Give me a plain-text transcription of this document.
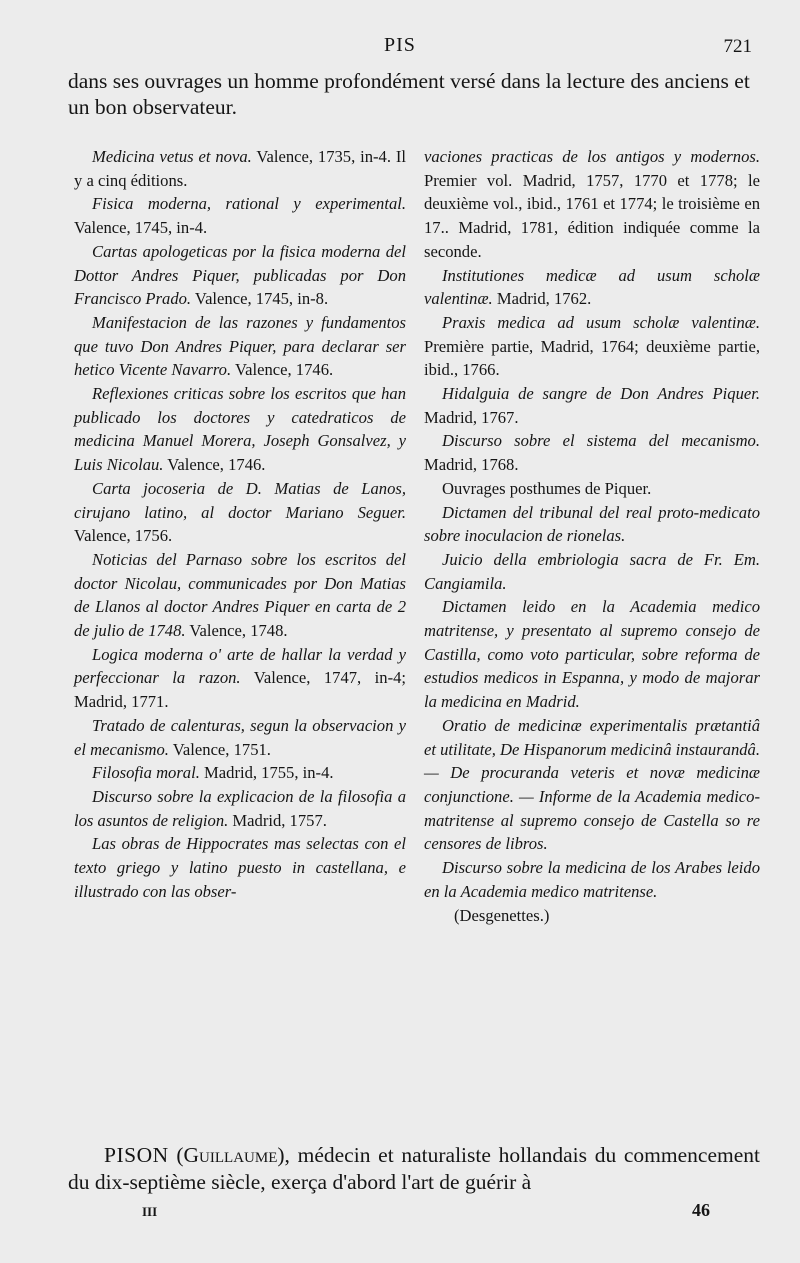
PIS	721

dans ses ouvrages un homme profondément versé dans la lecture des anciens et un bon observateur.

Medicina vetus et nova. Valence, 1735, in-4. Il y a cinq éditions.

Fisica moderna, rational y experimental. Valence, 1745, in-4.

Cartas apologeticas por la fisica moderna del Dottor Andres Piquer, publicadas por Don Francisco Prado. Valence, 1745, in-8.

Manifestacion de las razones y fundamentos que tuvo Don Andres Piquer, para declarar ser hetico Vicente Navarro. Valence, 1746.

Reflexiones criticas sobre los escritos que han publicado los doctores y catedraticos de medicina Manuel Morera, Joseph Gonsalvez, y Luis Nicolau. Valence, 1746.

Carta jocoseria de D. Matias de Lanos, cirujano latino, al doctor Mariano Seguer. Valence, 1756.

Noticias del Parnaso sobre los escritos del doctor Nicolau, communicades por Don Matias de Llanos al doctor Andres Piquer en carta de 2 de julio de 1748. Valence, 1748.

Logica moderna o' arte de hallar la verdad y perfeccionar la razon. Valence, 1747, in-4; Madrid, 1771.

Tratado de calenturas, segun la observacion y el mecanismo. Valence, 1751.

Filosofia moral. Madrid, 1755, in-4.

Discurso sobre la explicacion de la filosofia a los asuntos de religion. Madrid, 1757.

Las obras de Hippocrates mas selectas con el texto griego y latino puesto in castellana, e illustrado con las obser-

vaciones practicas de los antigos y modernos. Premier vol. Madrid, 1757, 1770 et 1778; le deuxième vol., ibid., 1761 et 1774; le troisième en 17.. Madrid, 1781, édition indiquée comme la seconde.

Institutiones medicæ ad usum scholæ valentinæ. Madrid, 1762.

Praxis medica ad usum scholæ valentinæ. Première partie, Madrid, 1764; deuxième partie, ibid., 1766.

Hidalguia de sangre de Don Andres Piquer. Madrid, 1767.

Discurso sobre el sistema del mecanismo. Madrid, 1768.

Ouvrages posthumes de Piquer.

Dictamen del tribunal del real proto-medicato sobre inoculacion de rionelas.

Juicio della embriologia sacra de Fr. Em. Cangiamila.

Dictamen leido en la Academia medico matritense, y presentato al supremo consejo de Castilla, como voto particular, sobre reforma de estudios medicos in Espanna, y modo de majorar la medicina en Madrid.

Oratio de medicinæ experimentalis prætantiâ et utilitate, De Hispanorum medicinâ instaurandâ. — De procuranda veteris et novæ medicinæ conjunctione. — Informe de la Academia medico-matritense al supremo consejo de Castella so re censores de libros.

Discurso sobre la medicina de los Arabes leido en la Academia medico matritense.

(Desgenettes.)

PISON (Guillaume), médecin et naturaliste hollandais du commencement du dix-septième siècle, exerça d'abord l'art de guérir à

III	46
